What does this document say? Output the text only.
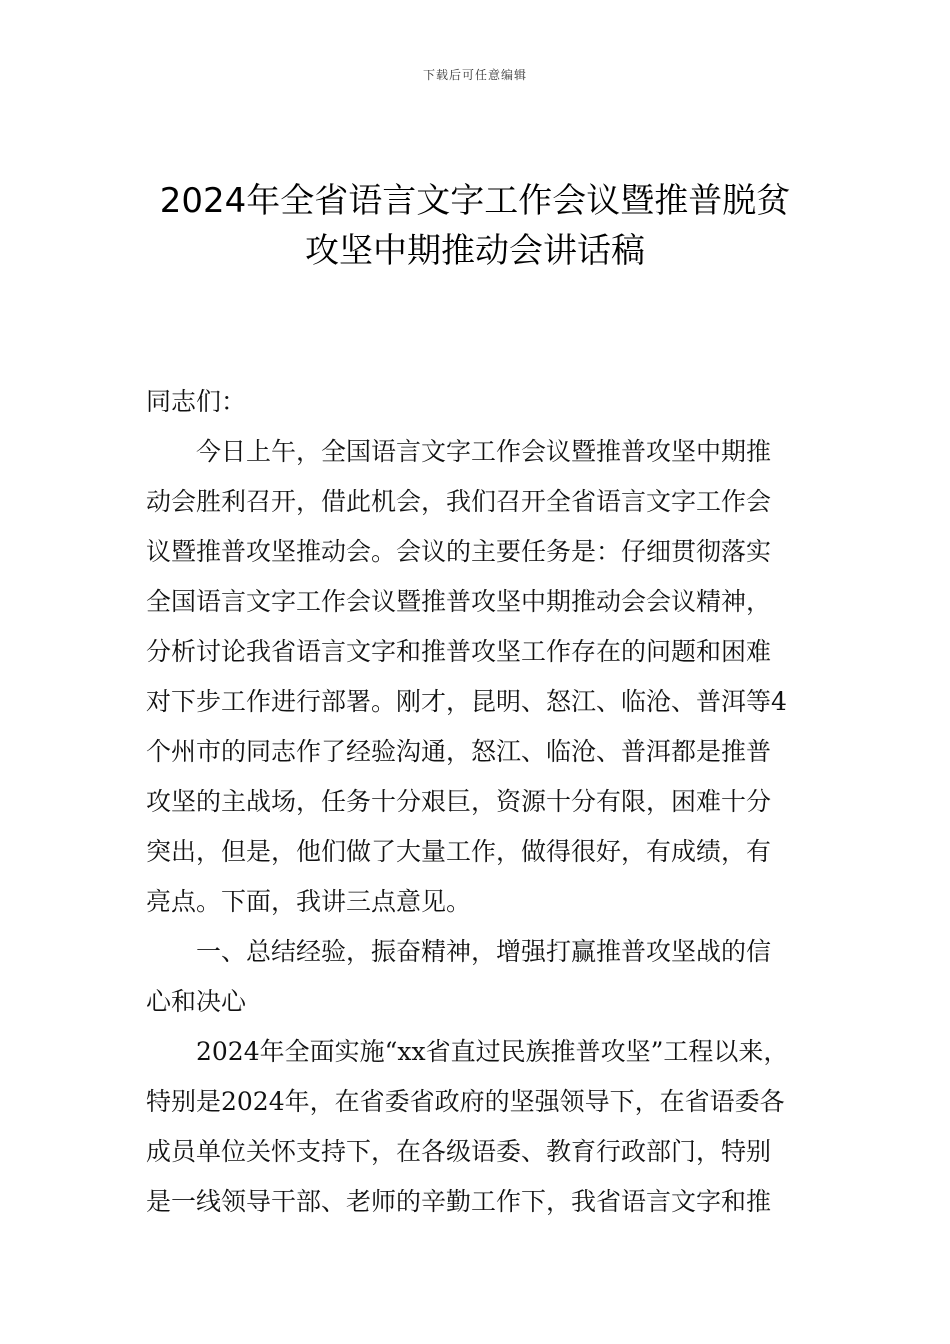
下载后可任意编辑
2024年全省语言文字工作会议暨推普脱贫
攻坚中期推动会讲话稿
同志们：
今日上午，全国语言文字工作会议暨推普攻坚中期推
动会胜利召开，借此机会，我们召开全省语言文字工作会
议暨推普攻坚推动会。会议的主要任务是：仔细贯彻落实
全国语言文字工作会议暨推普攻坚中期推动会会议精神，
分析讨论我省语言文字和推普攻坚工作存在的问题和困难
对下步工作进行部署。刚才，昆明、怒江、临沧、普洱等4
个州市的同志作了经验沟通，怒江、临沧、普洱都是推普
攻坚的主战场，任务十分艰巨，资源十分有限，困难十分
突出，但是，他们做了大量工作，做得很好，有成绩，有
亮点。下面，我讲三点意见。
一、总结经验，振奋精神，增强打赢推普攻坚战的信
心和决心
2024年全面实施“xx省直过民族推普攻坚”工程以来，
特别是2024年，在省委省政府的坚强领导下，在省语委各
成员单位关怀支持下，在各级语委、教育行政部门，特别
是一线领导干部、老师的辛勤工作下，我省语言文字和推
